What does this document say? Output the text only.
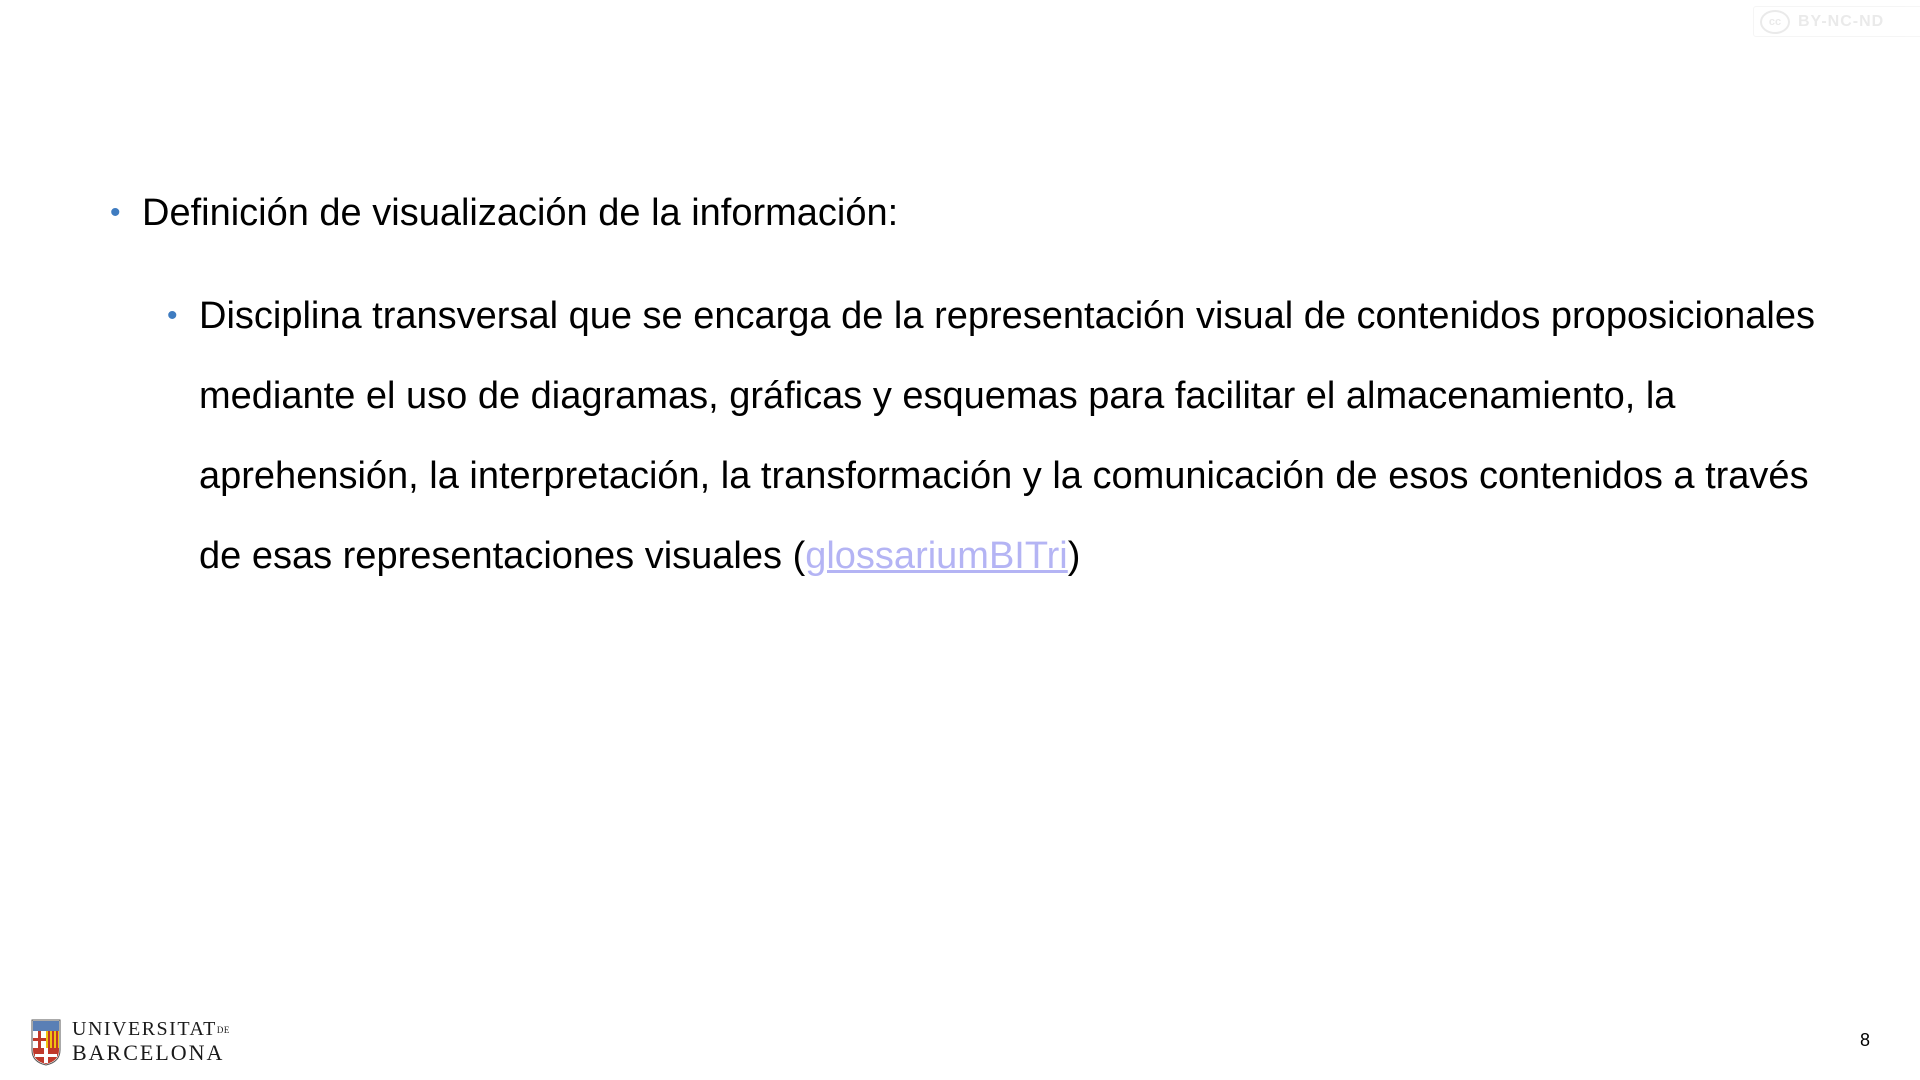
cc BY-NC-ND
• Definición de visualización de la información:
• Disciplina transversal que se encarga de la representación visual de contenidos proposicionales mediante el uso de diagramas, gráficas y esquemas para facilitar el almacenamiento, la aprehensión, la interpretación, la transformación y la comunicación de esos contenidos a través de esas representaciones visuales (glossariumBITri)
UNIVERSITATDE
BARCELONA
8
